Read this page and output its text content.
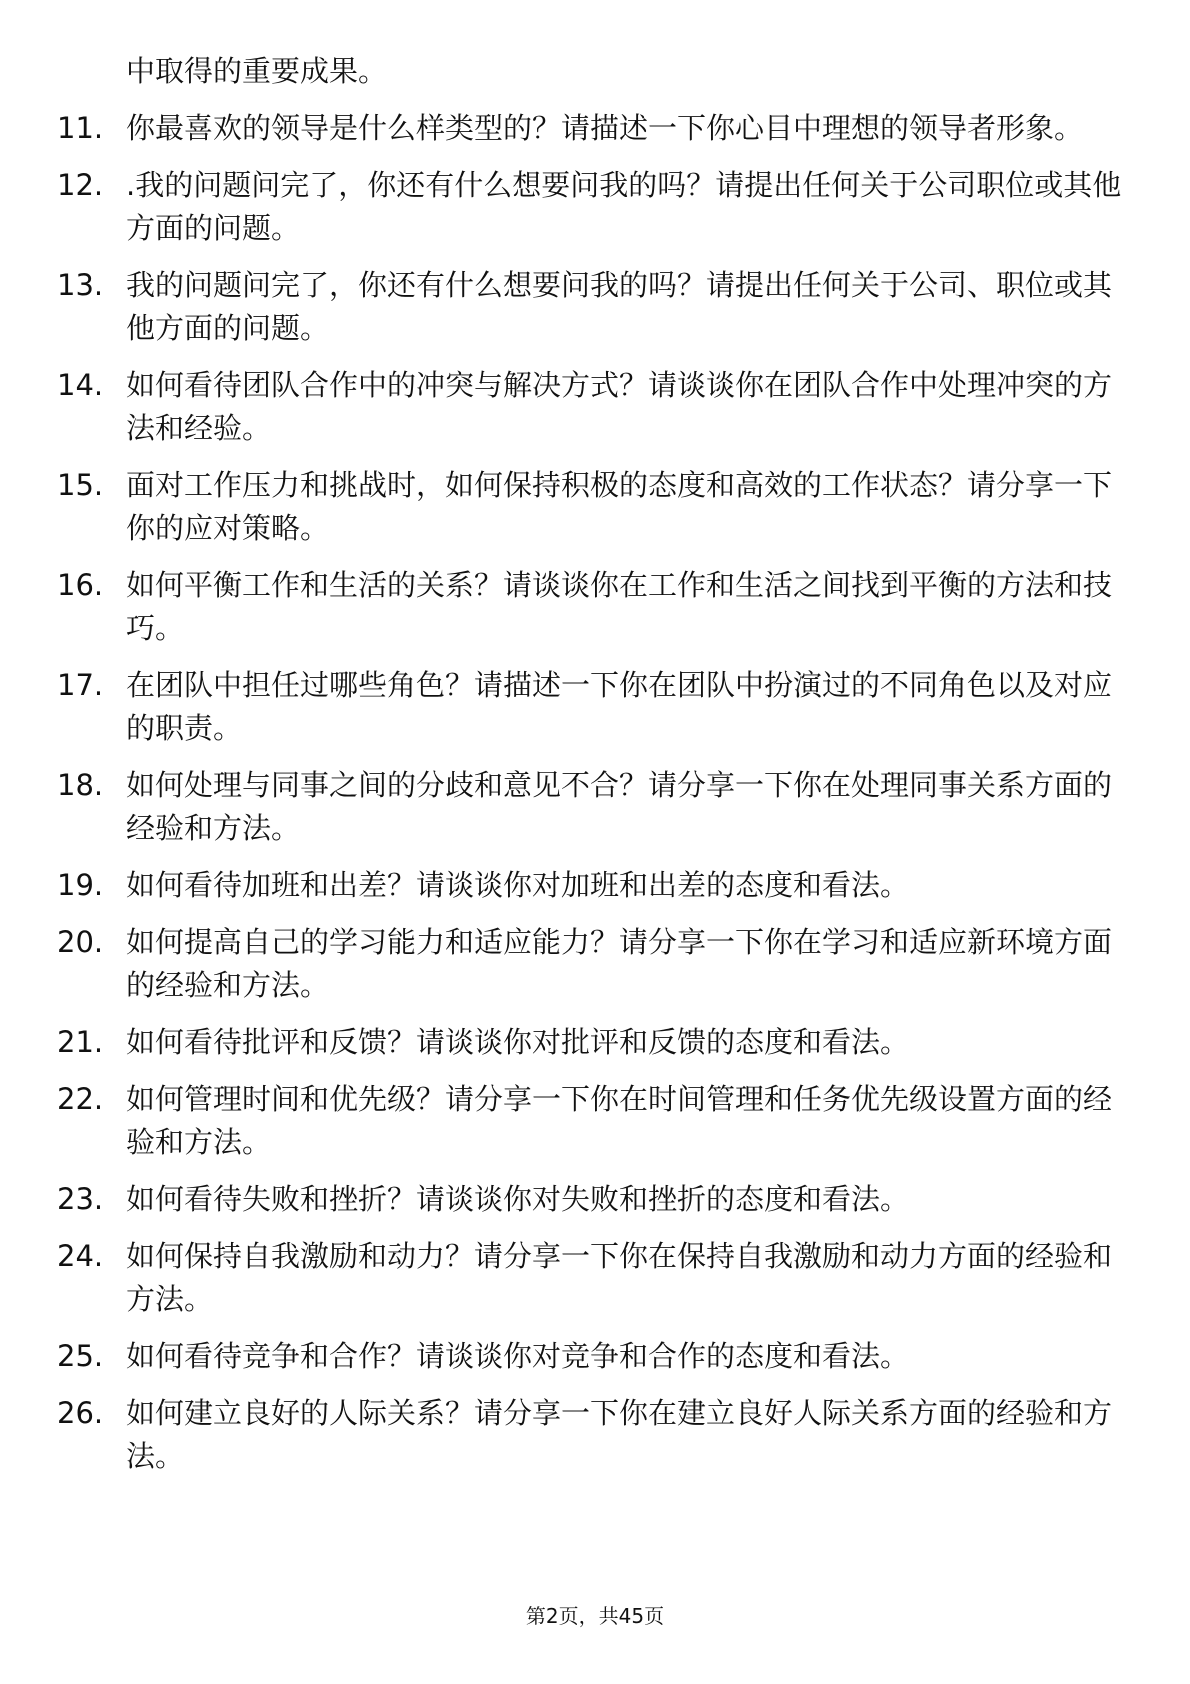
中取得的重要成果。
11. 你最喜欢的领导是什么样类型的？请描述一下你心目中理想的领导者形象。
12. .我的问题问完了，你还有什么想要问我的吗？请提出任何关于公司职位或其他方面的问题。
13. 我的问题问完了，你还有什么想要问我的吗？请提出任何关于公司、职位或其他方面的问题。
14. 如何看待团队合作中的冲突与解决方式？请谈谈你在团队合作中处理冲突的方法和经验。
15. 面对工作压力和挑战时，如何保持积极的态度和高效的工作状态？请分享一下你的应对策略。
16. 如何平衡工作和生活的关系？请谈谈你在工作和生活之间找到平衡的方法和技巧。
17. 在团队中担任过哪些角色？请描述一下你在团队中扮演过的不同角色以及对应的职责。
18. 如何处理与同事之间的分歧和意见不合？请分享一下你在处理同事关系方面的经验和方法。
19. 如何看待加班和出差？请谈谈你对加班和出差的态度和看法。
20. 如何提高自己的学习能力和适应能力？请分享一下你在学习和适应新环境方面的经验和方法。
21. 如何看待批评和反馈？请谈谈你对批评和反馈的态度和看法。
22. 如何管理时间和优先级？请分享一下你在时间管理和任务优先级设置方面的经验和方法。
23. 如何看待失败和挫折？请谈谈你对失败和挫折的态度和看法。
24. 如何保持自我激励和动力？请分享一下你在保持自我激励和动力方面的经验和方法。
25. 如何看待竞争和合作？请谈谈你对竞争和合作的态度和看法。
26. 如何建立良好的人际关系？请分享一下你在建立良好人际关系方面的经验和方法。
第2页，共45页
